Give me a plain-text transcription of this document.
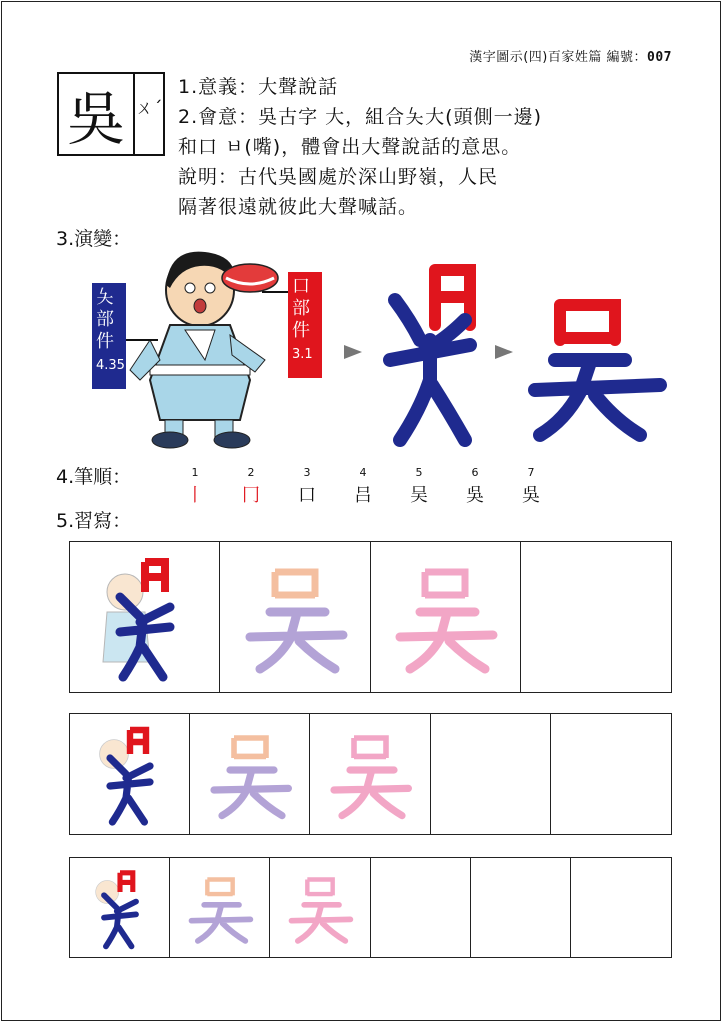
漢字圖示(四)百家姓篇 編號：007
吳 ㄨˊ
1.意義：大聲說話
2.會意：吳古字 ⼤，組合夨⼤(頭側一邊)
和口 ㅂ(嘴)，體會出大聲說話的意思。
說明：古代吳國處於深山野嶺，人民
隔著很遠就彼此大聲喊話。
3.演變：
夨部件
4.35
口部件
3.1
4.筆順：	1
丨
2
⼌
3
口
4
吕
5
吴
6
吳
7
吳
5.習寫：
